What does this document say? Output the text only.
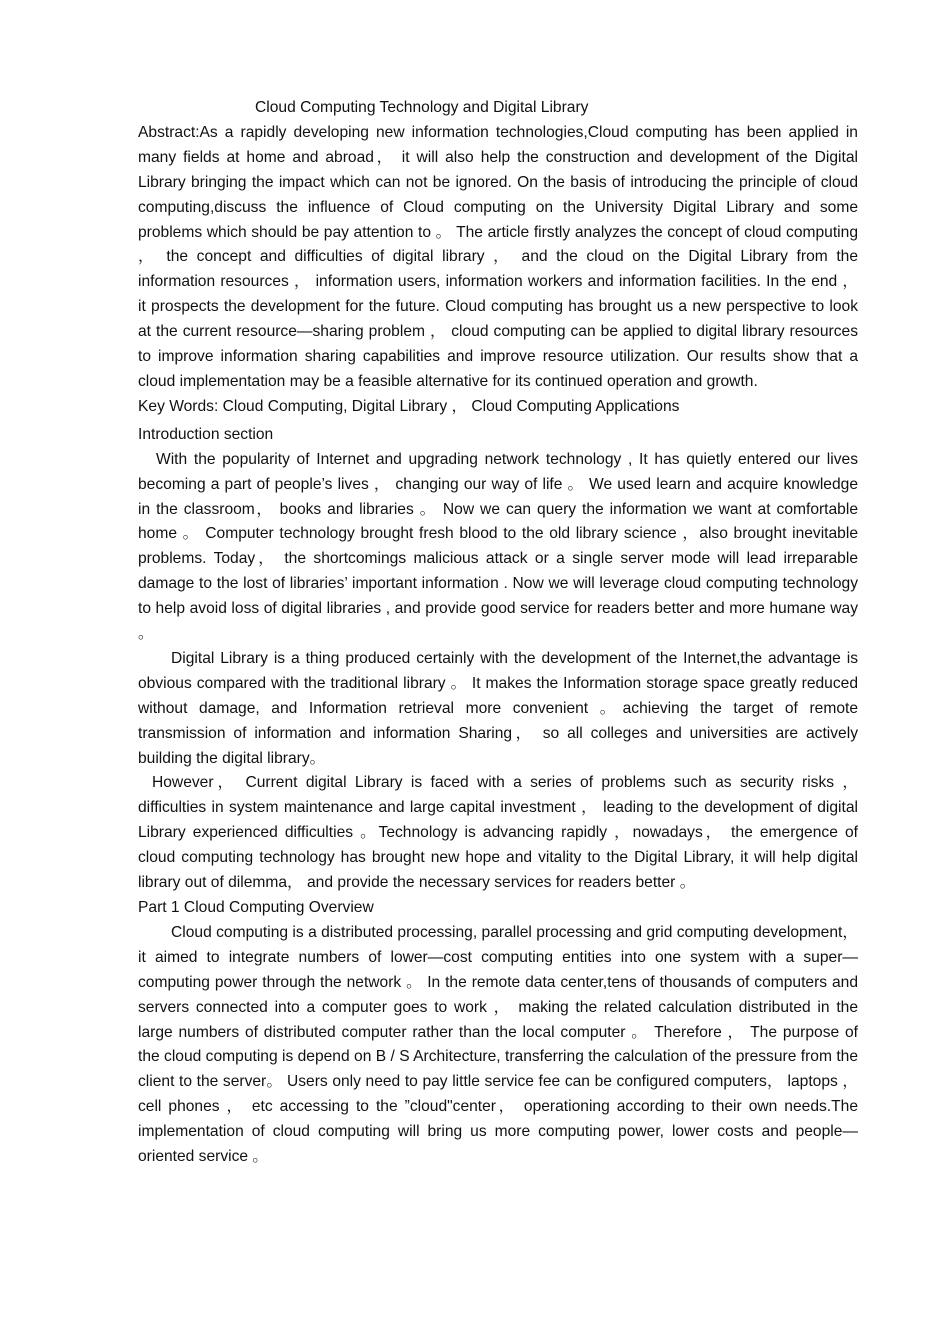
Cloud Computing Technology and Digital Library
Abstract:As a rapidly developing new information technologies,Cloud computing has been applied in many fields at home and abroad， it will also help the construction and development of the Digital Library bringing the impact which can not be ignored. On the basis of introducing the principle of cloud computing,discuss the influence of Cloud computing on the University Digital Library and some problems which should be pay attention to 。 The article firstly analyzes the concept of cloud computing ， the concept and difficulties of digital library ， and the cloud on the Digital Library from the information resources ， information users, information workers and information facilities. In the end ， it prospects the development for the future. Cloud computing has brought us a new perspective to look at the current resource—sharing problem ， cloud computing can be applied to digital library resources to improve information sharing capabilities and improve resource utilization. Our results show that a cloud implementation may be a feasible alternative for its continued operation and growth.
Key Words: Cloud Computing, Digital Library ， Cloud Computing Applications
Introduction section
With the popularity of Internet and upgrading network technology , It has quietly entered our lives becoming a part of people’s lives ， changing our way of life 。 We used learn and acquire knowledge in the classroom， books and libraries 。 Now we can query the information we want at comfortable home 。 Computer technology brought fresh blood to the old library science ，also brought inevitable problems. Today， the shortcomings malicious attack or a single server mode will lead irreparable damage to the lost of libraries’ important information . Now we will leverage cloud computing technology to help avoid loss of digital libraries , and provide good service for readers better and more humane way 。
Digital Library is a thing produced certainly with the development of the Internet,the advantage is obvious compared with the traditional library 。 It makes the Information storage space greatly reduced without damage, and Information retrieval more convenient 。achieving the target of remote transmission of information and information Sharing， so all colleges and universities are actively building the digital library。
However， Current digital Library is faced with a series of problems such as security risks ， difficulties in system maintenance and large capital investment ， leading to the development of digital Library experienced difficulties 。Technology is advancing rapidly ，nowadays， the emergence of cloud computing technology has brought new hope and vitality to the Digital Library, it will help digital library out of dilemma， and provide the necessary services for readers better 。
Part 1 Cloud Computing Overview
Cloud computing is a distributed processing, parallel processing and grid computing development， it aimed to integrate numbers of lower—cost computing entities into one system with a super—computing power through the network 。 In the remote data center,tens of thousands of computers and servers connected into a computer goes to work ， making the related calculation distributed in the large numbers of distributed computer rather than the local computer 。 Therefore ， The purpose of the cloud computing is depend on B / S Architecture, transferring the calculation of the pressure from the client to the server。 Users only need to pay little service fee can be configured computers， laptops ， cell phones ， etc accessing to the ”cloud"center， operationing according to their own needs.The implementation of cloud computing will bring us more computing power, lower costs and people—oriented service 。
